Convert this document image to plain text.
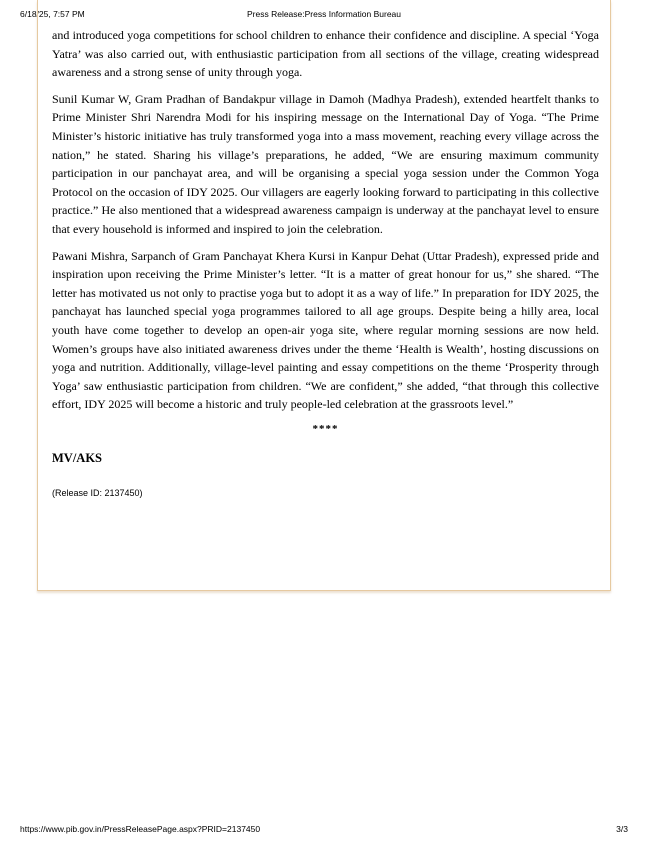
6/18/25, 7:57 PM	Press Release:Press Information Bureau

and introduced yoga competitions for school children to enhance their confidence and discipline. A special ‘Yoga Yatra’ was also carried out, with enthusiastic participation from all sections of the village, creating widespread awareness and a strong sense of unity through yoga.

Sunil Kumar W, Gram Pradhan of Bandakpur village in Damoh (Madhya Pradesh), extended heartfelt thanks to Prime Minister Shri Narendra Modi for his inspiring message on the International Day of Yoga. “The Prime Minister’s historic initiative has truly transformed yoga into a mass movement, reaching every village across the nation,” he stated. Sharing his village’s preparations, he added, “We are ensuring maximum community participation in our panchayat area, and will be organising a special yoga session under the Common Yoga Protocol on the occasion of IDY 2025. Our villagers are eagerly looking forward to participating in this collective practice.” He also mentioned that a widespread awareness campaign is underway at the panchayat level to ensure that every household is informed and inspired to join the celebration.

Pawani Mishra, Sarpanch of Gram Panchayat Khera Kursi in Kanpur Dehat (Uttar Pradesh), expressed pride and inspiration upon receiving the Prime Minister’s letter. “It is a matter of great honour for us,” she shared. “The letter has motivated us not only to practise yoga but to adopt it as a way of life.” In preparation for IDY 2025, the panchayat has launched special yoga programmes tailored to all age groups. Despite being a hilly area, local youth have come together to develop an open-air yoga site, where regular morning sessions are now held. Women’s groups have also initiated awareness drives under the theme ‘Health is Wealth’, hosting discussions on yoga and nutrition. Additionally, village-level painting and essay competitions on the theme ‘Prosperity through Yoga’ saw enthusiastic participation from children. “We are confident,” she added, “that through this collective effort, IDY 2025 will become a historic and truly people-led celebration at the grassroots level.”

****
MV/AKS
(Release ID: 2137450)
https://www.pib.gov.in/PressReleasePage.aspx?PRID=2137450	3/3
